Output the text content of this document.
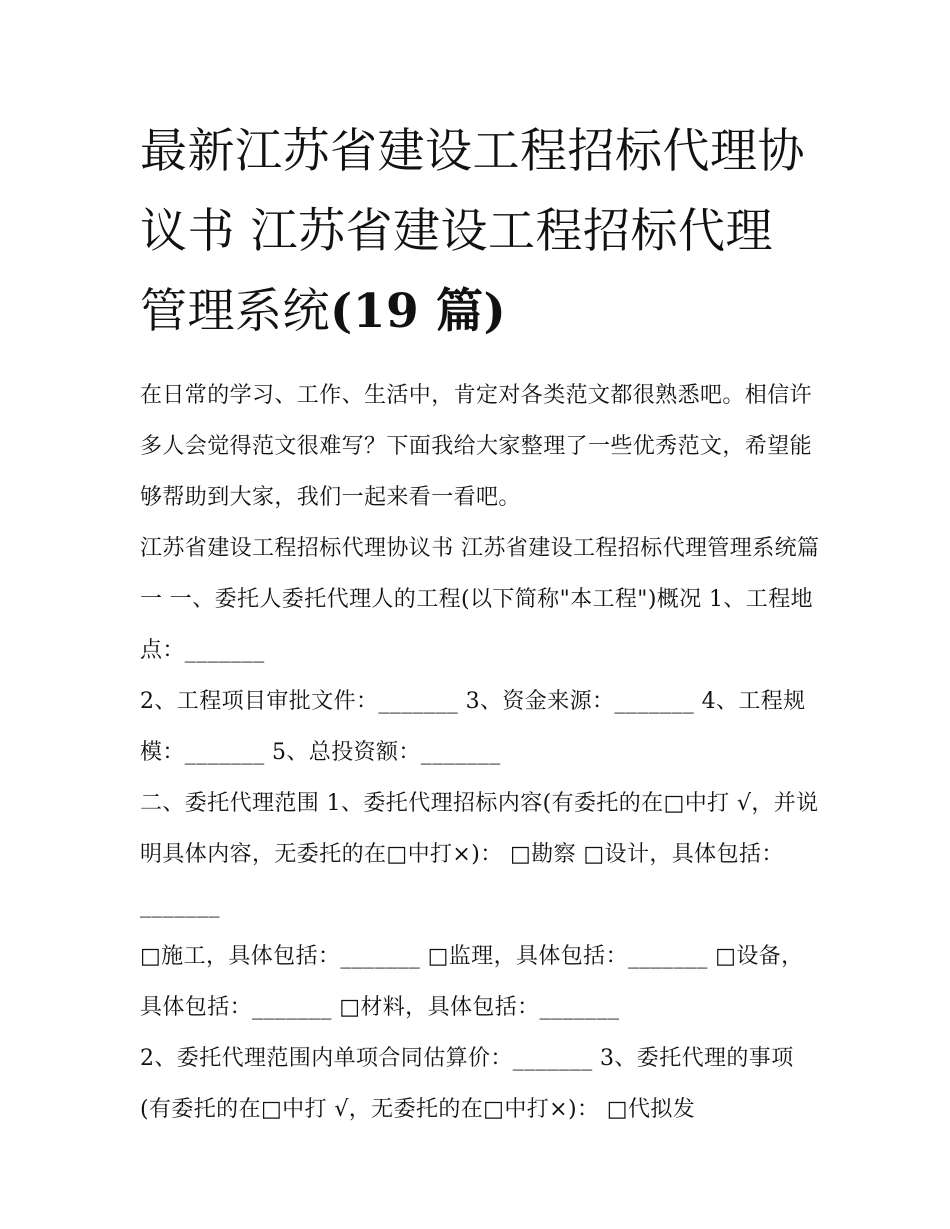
最新江苏省建设工程招标代理协议书 江苏省建设工程招标代理管理系统(19 篇)

在日常的学习、工作、生活中，肯定对各类范文都很熟悉吧。相信许多人会觉得范文很难写？下面我给大家整理了一些优秀范文，希望能够帮助到大家，我们一起来看一看吧。

江苏省建设工程招标代理协议书 江苏省建设工程招标代理管理系统篇一 一、委托人委托代理人的工程(以下简称"本工程")概况 1、工程地点：_______

2、工程项目审批文件：_______ 3、资金来源：_______ 4、工程规模：_______ 5、总投资额：_______

二、委托代理范围 1、委托代理招标内容(有委托的在□中打 √，并说明具体内容，无委托的在□中打×)： □勘察 □设计，具体包括：_______

□施工，具体包括：_______ □监理，具体包括：_______ □设备，具体包括：_______ □材料，具体包括：_______

2、委托代理范围内单项合同估算价：_______ 3、委托代理的事项(有委托的在□中打 √，无委托的在□中打×)： □代拟发
